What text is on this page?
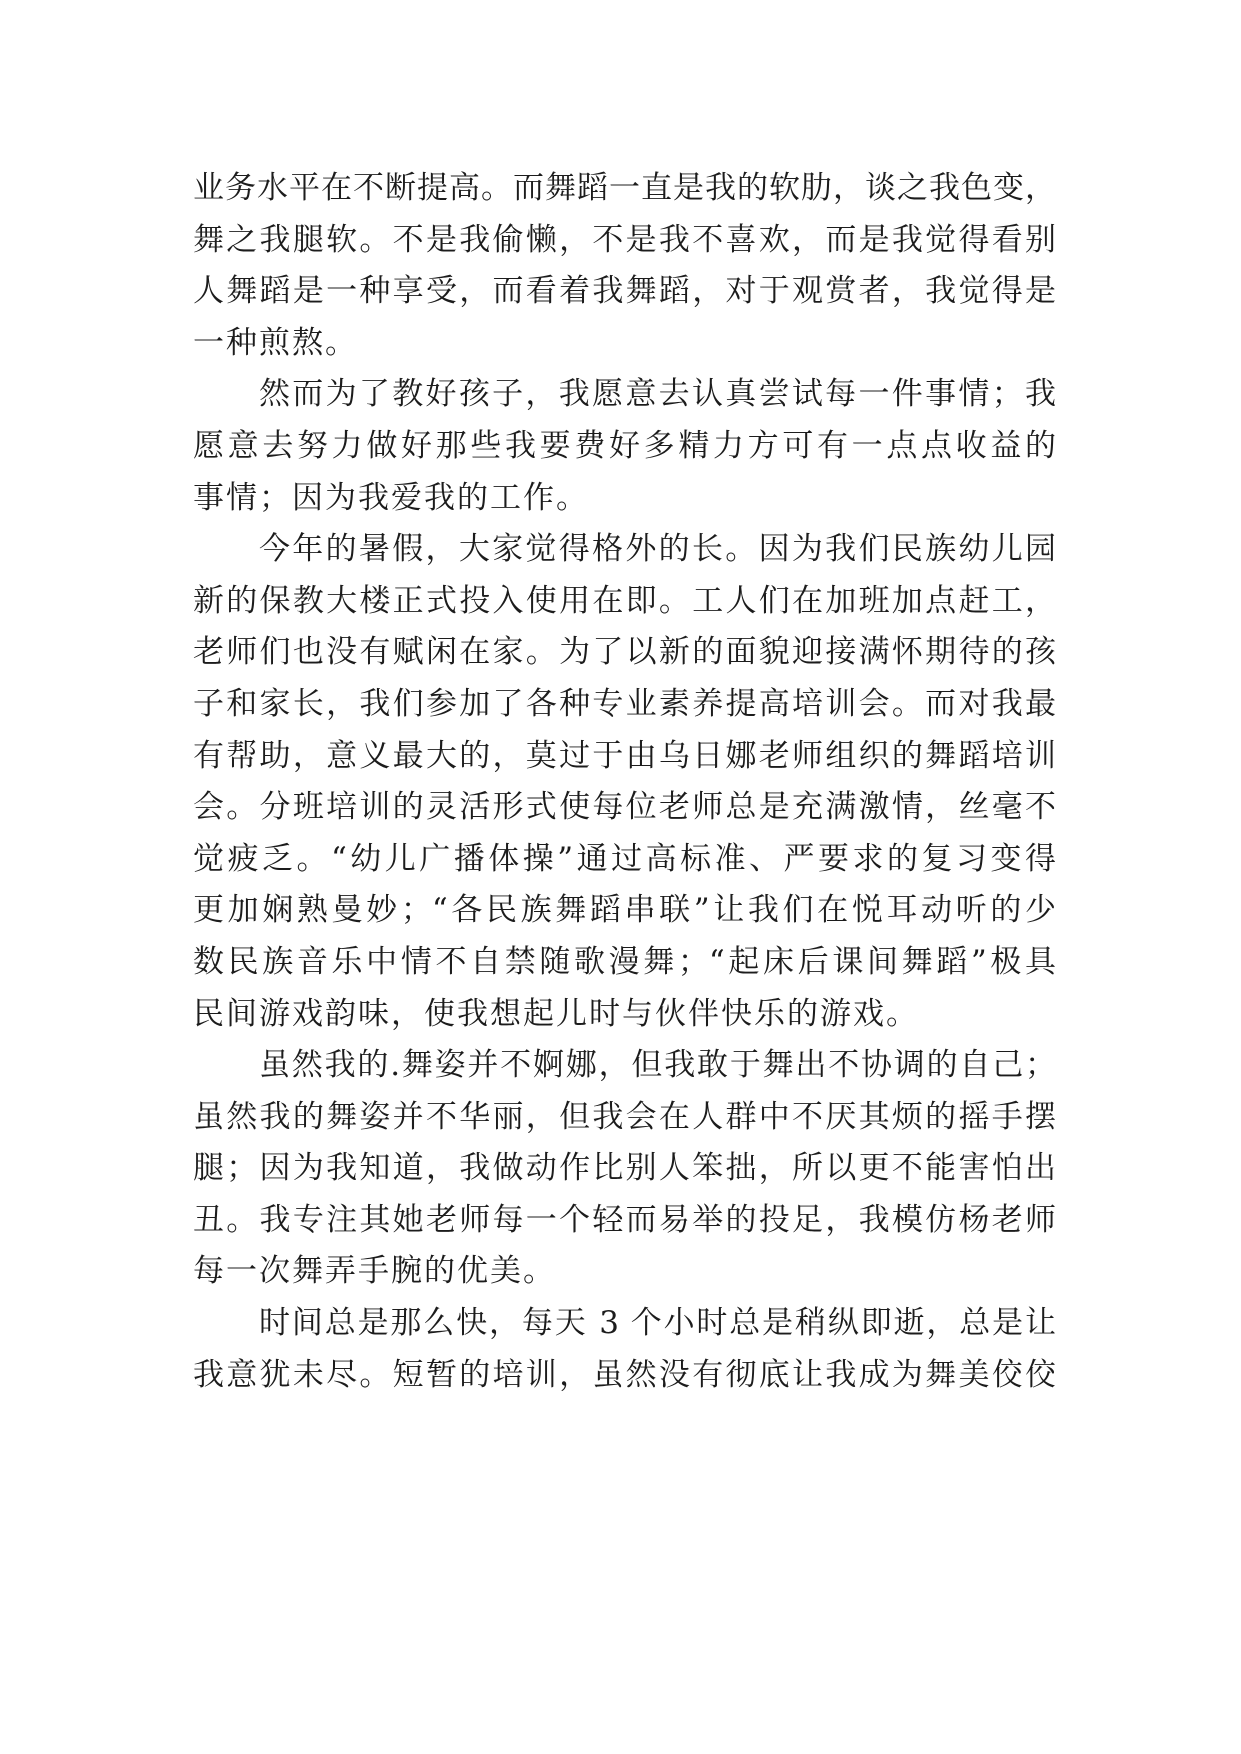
业务水平在不断提高。而舞蹈一直是我的软肋，谈之我色变，
舞之我腿软。不是我偷懒，不是我不喜欢，而是我觉得看别
人舞蹈是一种享受，而看着我舞蹈，对于观赏者，我觉得是
一种煎熬。
然而为了教好孩子，我愿意去认真尝试每一件事情；我
愿意去努力做好那些我要费好多精力方可有一点点收益的
事情；因为我爱我的工作。
今年的暑假，大家觉得格外的长。因为我们民族幼儿园
新的保教大楼正式投入使用在即。工人们在加班加点赶工，
老师们也没有赋闲在家。为了以新的面貌迎接满怀期待的孩
子和家长，我们参加了各种专业素养提高培训会。而对我最
有帮助，意义最大的，莫过于由乌日娜老师组织的舞蹈培训
会。分班培训的灵活形式使每位老师总是充满激情，丝毫不
觉疲乏。“幼儿广播体操”通过高标准、严要求的复习变得
更加娴熟曼妙；“各民族舞蹈串联”让我们在悦耳动听的少
数民族音乐中情不自禁随歌漫舞；“起床后课间舞蹈”极具
民间游戏韵味，使我想起儿时与伙伴快乐的游戏。
虽然我的.舞姿并不婀娜，但我敢于舞出不协调的自己；
虽然我的舞姿并不华丽，但我会在人群中不厌其烦的摇手摆
腿；因为我知道，我做动作比别人笨拙，所以更不能害怕出
丑。我专注其她老师每一个轻而易举的投足，我模仿杨老师
每一次舞弄手腕的优美。
时间总是那么快，每天 3 个小时总是稍纵即逝，总是让
我意犹未尽。短暂的培训，虽然没有彻底让我成为舞美佼佼
